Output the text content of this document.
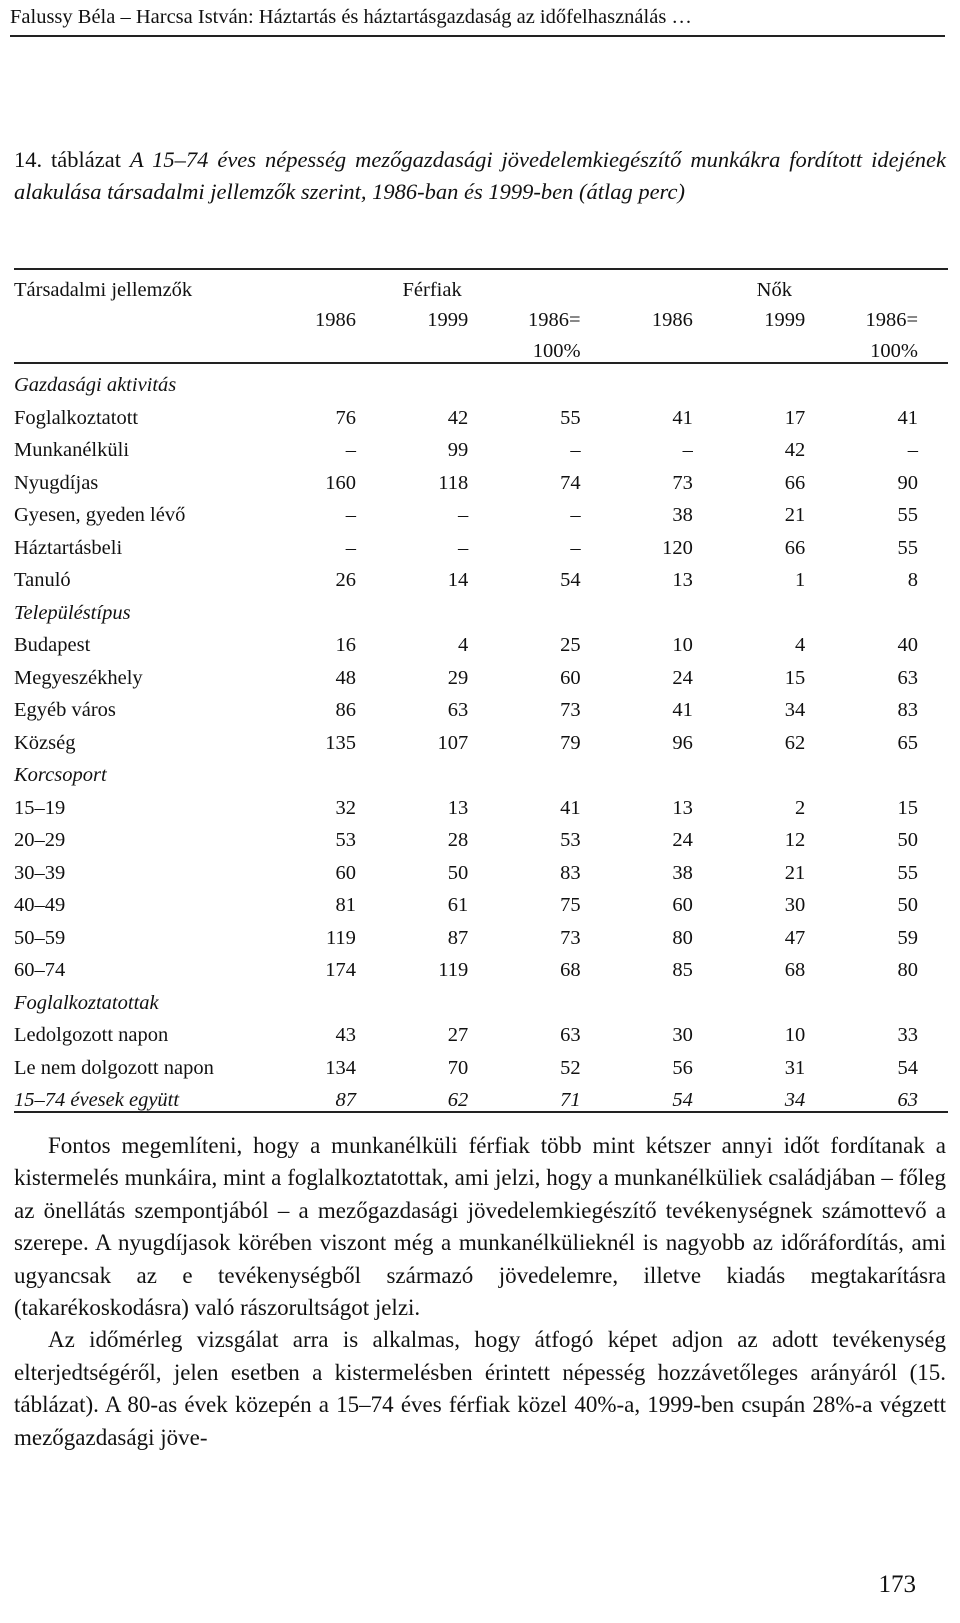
Falussy Béla – Harcsa István: Háztartás és háztartásgazdaság az időfelhasználás …
14. táblázat A 15–74 éves népesség mezőgazdasági jövedelemkiegészítő munkákra fordított idejének alakulása társadalmi jellemzők szerint, 1986-ban és 1999-ben (átlag perc)
Társadalmi jellemzők	Férfiak			Nők		
	1986	1999	1986=	1986	1999	1986=
			100%			100%
Gazdasági aktivitás						
Foglalkoztatott	76	42	55	41	17	41
Munkanélküli	–	99	–	–	42	–
Nyugdíjas	160	118	74	73	66	90
Gyesen, gyeden lévő	–	–	–	38	21	55
Háztartásbeli	–	–	–	120	66	55
Tanuló	26	14	54	13	1	8
Településtípus						
Budapest	16	4	25	10	4	40
Megyeszékhely	48	29	60	24	15	63
Egyéb város	86	63	73	41	34	83
Község	135	107	79	96	62	65
Korcsoport						
15–19	32	13	41	13	2	15
20–29	53	28	53	24	12	50
30–39	60	50	83	38	21	55
40–49	81	61	75	60	30	50
50–59	119	87	73	80	47	59
60–74	174	119	68	85	68	80
Foglalkoztatottak						
Ledolgozott napon	43	27	63	30	10	33
Le nem dolgozott napon	134	70	52	56	31	54
15–74 évesek együtt	87	62	71	54	34	63

Fontos megemlíteni, hogy a munkanélküli férfiak több mint kétszer annyi időt fordítanak a kistermelés munkáira, mint a foglalkoztatottak, ami jelzi, hogy a munkanélküliek családjában – főleg az önellátás szempontjából – a mezőgazdasági jövedelemkiegészítő tevékenységnek számottevő a szerepe. A nyugdíjasok körében viszont még a munkanélkülieknél is nagyobb az időráfordítás, ami ugyancsak az e tevékenységből származó jövedelemre, illetve kiadás megtakarításra (takarékoskodásra) való rászorultságot jelzi.

Az időmérleg vizsgálat arra is alkalmas, hogy átfogó képet adjon az adott tevékenység elterjedtségéről, jelen esetben a kistermelésben érintett népesség hozzávetőleges arányáról (15. táblázat). A 80-as évek közepén a 15–74 éves férfiak közel 40%-a, 1999-ben csupán 28%-a végzett mezőgazdasági jöve-

173
